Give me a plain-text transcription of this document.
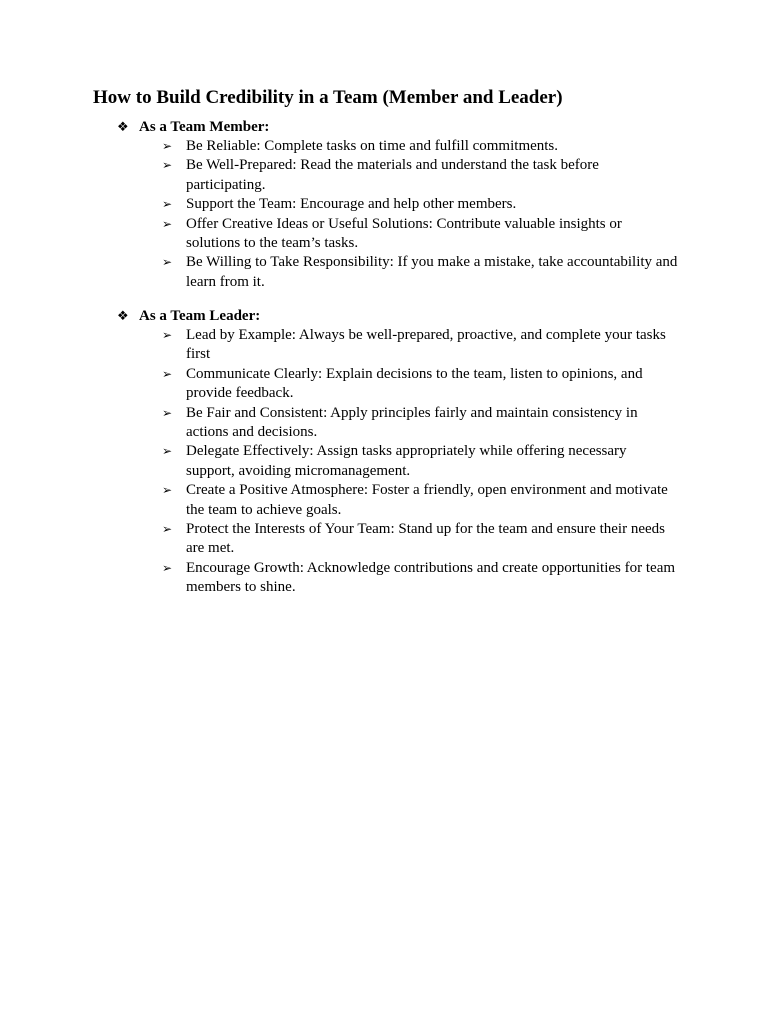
How to Build Credibility in a Team (Member and Leader)
❖ As a Team Member:
➢ Be Reliable: Complete tasks on time and fulfill commitments.
➢ Be Well-Prepared: Read the materials and understand the task before participating.
➢ Support the Team: Encourage and help other members.
➢ Offer Creative Ideas or Useful Solutions: Contribute valuable insights or solutions to the team’s tasks.
➢ Be Willing to Take Responsibility: If you make a mistake, take accountability and learn from it.
❖ As a Team Leader:
➢ Lead by Example: Always be well-prepared, proactive, and complete your tasks first
➢ Communicate Clearly: Explain decisions to the team, listen to opinions, and provide feedback.
➢ Be Fair and Consistent: Apply principles fairly and maintain consistency in actions and decisions.
➢ Delegate Effectively: Assign tasks appropriately while offering necessary support, avoiding micromanagement.
➢ Create a Positive Atmosphere: Foster a friendly, open environment and motivate the team to achieve goals.
➢ Protect the Interests of Your Team: Stand up for the team and ensure their needs are met.
➢ Encourage Growth: Acknowledge contributions and create opportunities for team members to shine.
